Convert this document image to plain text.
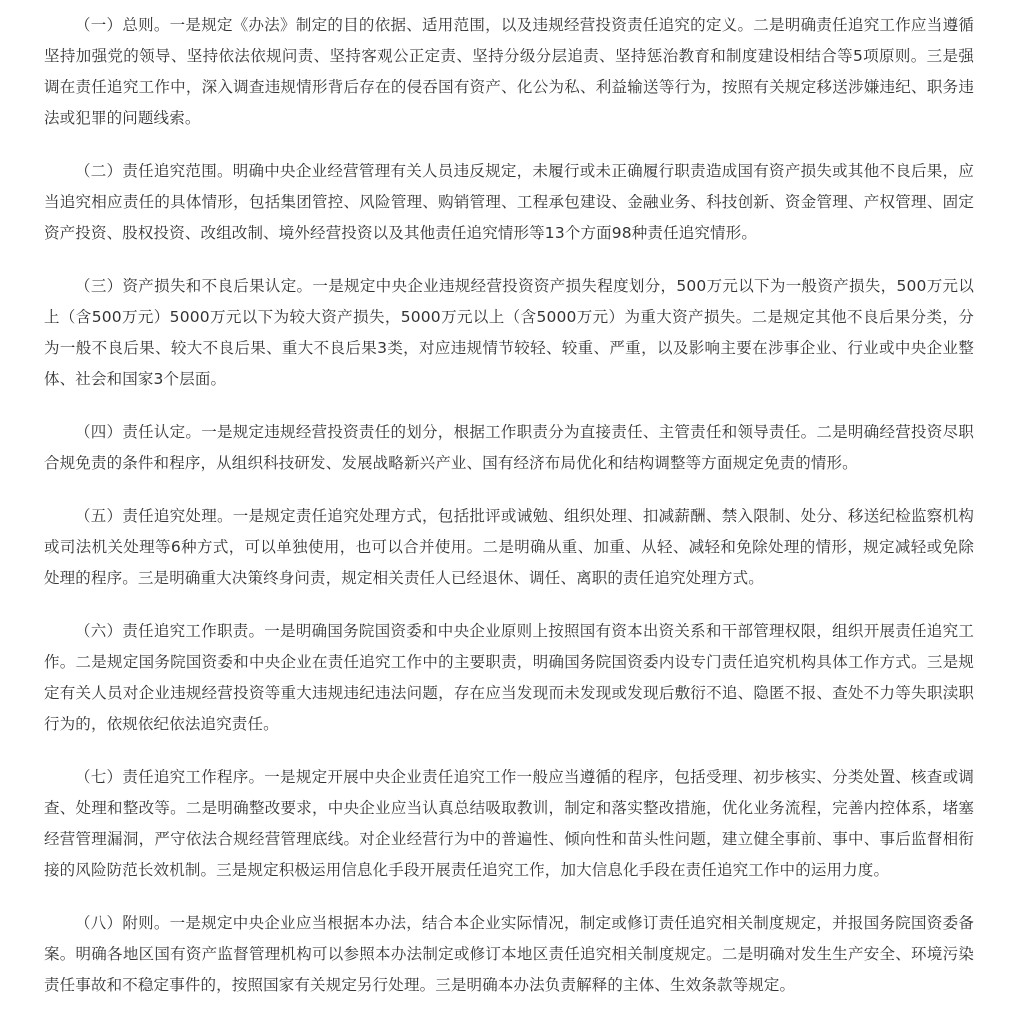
（一）总则。一是规定《办法》制定的目的依据、适用范围，以及违规经营投资责任追究的定义。二是明确责任追究工作应当遵循坚持加强党的领导、坚持依法依规问责、坚持客观公正定责、坚持分级分层追责、坚持惩治教育和制度建设相结合等5项原则。三是强调在责任追究工作中，深入调查违规情形背后存在的侵吞国有资产、化公为私、利益输送等行为，按照有关规定移送涉嫌违纪、职务违法或犯罪的问题线索。

（二）责任追究范围。明确中央企业经营管理有关人员违反规定，未履行或未正确履行职责造成国有资产损失或其他不良后果，应当追究相应责任的具体情形，包括集团管控、风险管理、购销管理、工程承包建设、金融业务、科技创新、资金管理、产权管理、固定资产投资、股权投资、改组改制、境外经营投资以及其他责任追究情形等13个方面98种责任追究情形。

（三）资产损失和不良后果认定。一是规定中央企业违规经营投资资产损失程度划分，500万元以下为一般资产损失，500万元以上（含500万元）5000万元以下为较大资产损失，5000万元以上（含5000万元）为重大资产损失。二是规定其他不良后果分类，分为一般不良后果、较大不良后果、重大不良后果3类，对应违规情节较轻、较重、严重，以及影响主要在涉事企业、行业或中央企业整体、社会和国家3个层面。

（四）责任认定。一是规定违规经营投资责任的划分，根据工作职责分为直接责任、主管责任和领导责任。二是明确经营投资尽职合规免责的条件和程序，从组织科技研发、发展战略新兴产业、国有经济布局优化和结构调整等方面规定免责的情形。

（五）责任追究处理。一是规定责任追究处理方式，包括批评或诫勉、组织处理、扣减薪酬、禁入限制、处分、移送纪检监察机构或司法机关处理等6种方式，可以单独使用，也可以合并使用。二是明确从重、加重、从轻、减轻和免除处理的情形，规定减轻或免除处理的程序。三是明确重大决策终身问责，规定相关责任人已经退休、调任、离职的责任追究处理方式。

（六）责任追究工作职责。一是明确国务院国资委和中央企业原则上按照国有资本出资关系和干部管理权限，组织开展责任追究工作。二是规定国务院国资委和中央企业在责任追究工作中的主要职责，明确国务院国资委内设专门责任追究机构具体工作方式。三是规定有关人员对企业违规经营投资等重大违规违纪违法问题，存在应当发现而未发现或发现后敷衍不追、隐匿不报、查处不力等失职渎职行为的，依规依纪依法追究责任。

（七）责任追究工作程序。一是规定开展中央企业责任追究工作一般应当遵循的程序，包括受理、初步核实、分类处置、核查或调查、处理和整改等。二是明确整改要求，中央企业应当认真总结吸取教训，制定和落实整改措施，优化业务流程，完善内控体系，堵塞经营管理漏洞，严守依法合规经营管理底线。对企业经营行为中的普遍性、倾向性和苗头性问题，建立健全事前、事中、事后监督相衔接的风险防范长效机制。三是规定积极运用信息化手段开展责任追究工作，加大信息化手段在责任追究工作中的运用力度。

（八）附则。一是规定中央企业应当根据本办法，结合本企业实际情况，制定或修订责任追究相关制度规定，并报国务院国资委备案。明确各地区国有资产监督管理机构可以参照本办法制定或修订本地区责任追究相关制度规定。二是明确对发生生产安全、环境污染责任事故和不稳定事件的，按照国家有关规定另行处理。三是明确本办法负责解释的主体、生效条款等规定。
